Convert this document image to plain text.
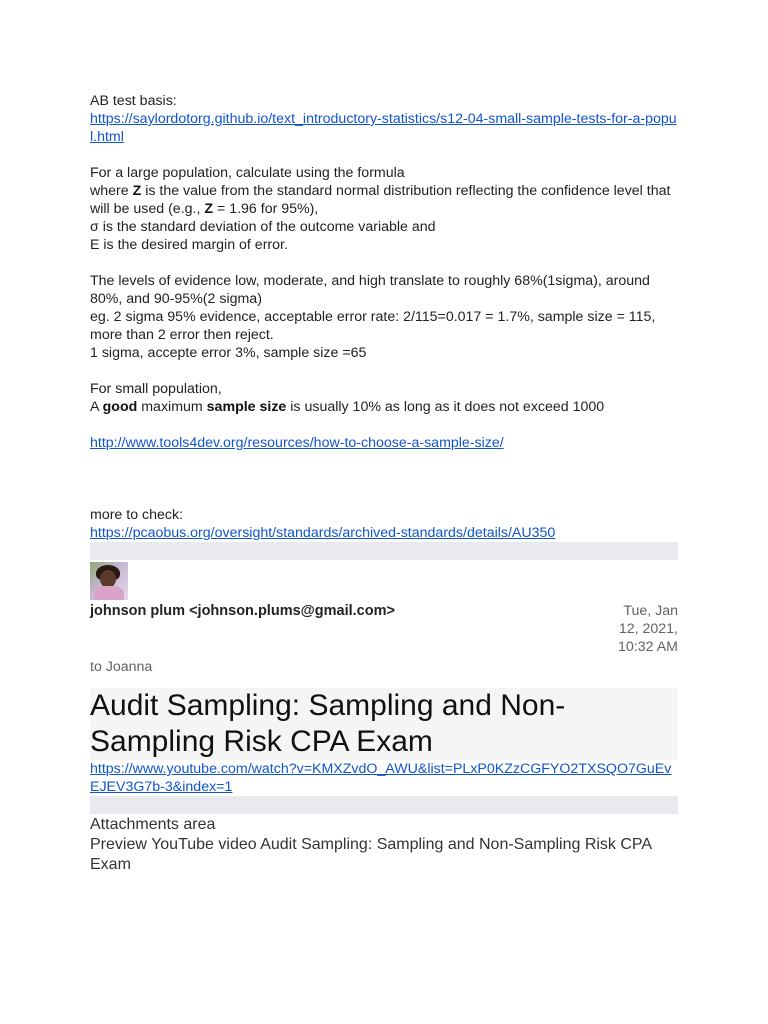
AB test basis:
https://saylordotorg.github.io/text_introductory-statistics/s12-04-small-sample-tests-for-a-popul.html
For a large population, calculate using the formula
where Z is the value from the standard normal distribution reflecting the confidence level that will be used (e.g., Z = 1.96 for 95%),
σ is the standard deviation of the outcome variable and
E is the desired margin of error.
The levels of evidence low, moderate, and high translate to roughly 68%(1sigma), around 80%, and 90-95%(2 sigma)
eg. 2 sigma 95% evidence, acceptable error rate: 2/115=0.017 = 1.7%, sample size = 115, more than 2 error then reject.
1 sigma, accepte error 3%, sample size =65
For small population,
A good maximum sample size is usually 10% as long as it does not exceed 1000
http://www.tools4dev.org/resources/how-to-choose-a-sample-size/
more to check:
https://pcaobus.org/oversight/standards/archived-standards/details/AU350
johnson plum <johnson.plums@gmail.com>	Tue, Jan 12, 2021, 10:32 AM
to Joanna
Audit Sampling: Sampling and Non-Sampling Risk CPA Exam
https://www.youtube.com/watch?v=KMXZvdO_AWU&list=PLxP0KZzCGFYO2TXSQO7GuEvEJEV3G7b-3&index=1
Attachments area
Preview YouTube video Audit Sampling: Sampling and Non-Sampling Risk CPA Exam
